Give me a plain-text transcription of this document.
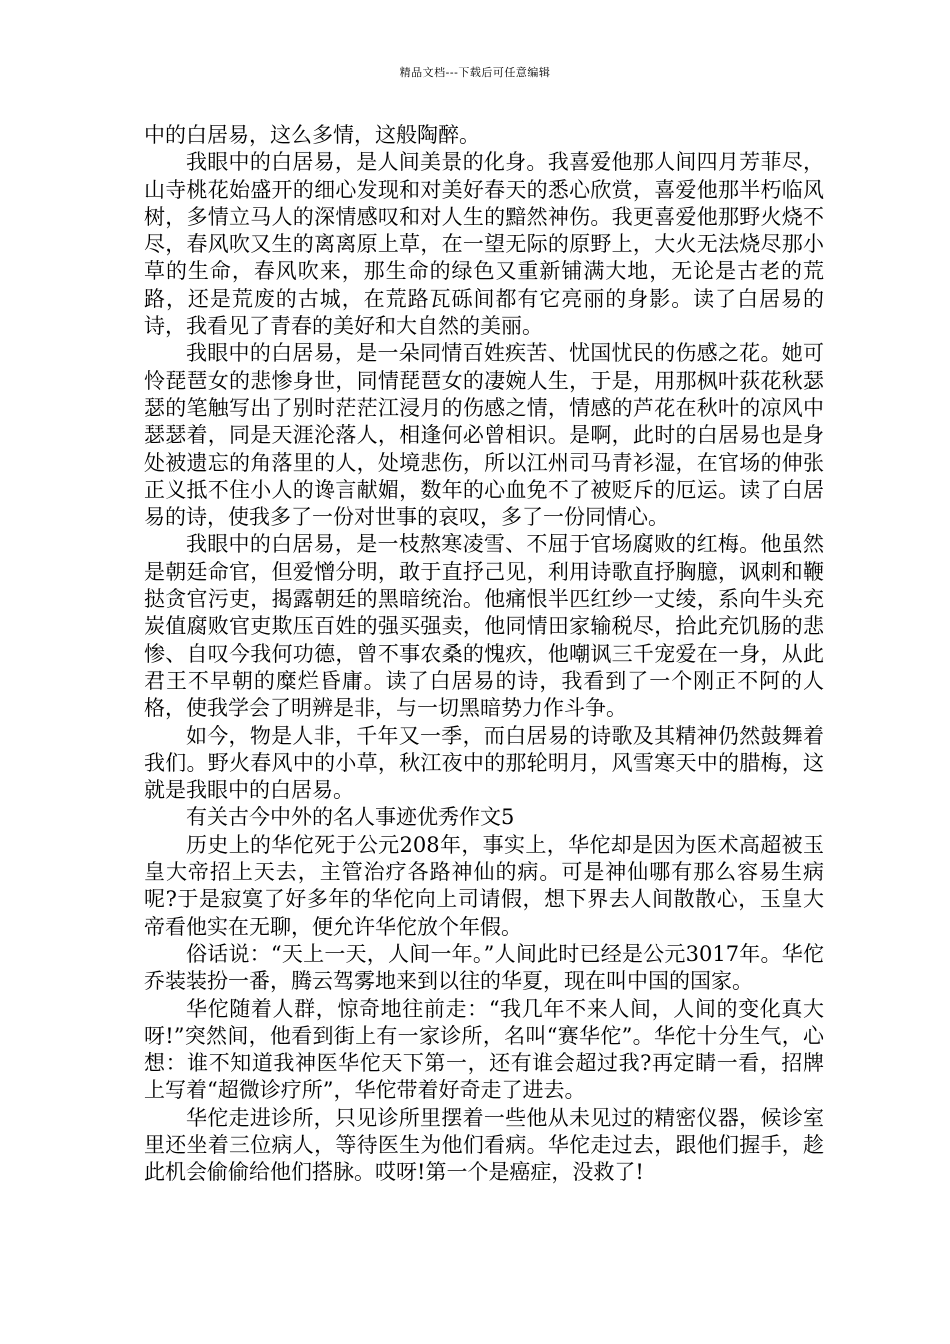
精品文档---下载后可任意编辑

中的白居易，这么多情，这般陶醉。

我眼中的白居易，是人间美景的化身。我喜爱他那人间四月芳菲尽，山寺桃花始盛开的细心发现和对美好春天的悉心欣赏，喜爱他那半朽临风树，多情立马人的深情感叹和对人生的黯然神伤。我更喜爱他那野火烧不尽，春风吹又生的离离原上草，在一望无际的原野上，大火无法烧尽那小草的生命，春风吹来，那生命的绿色又重新铺满大地，无论是古老的荒路，还是荒废的古城，在荒路瓦砾间都有它亮丽的身影。读了白居易的诗，我看见了青春的美好和大自然的美丽。

我眼中的白居易，是一朵同情百姓疾苦、忧国忧民的伤感之花。她可怜琵琶女的悲惨身世，同情琵琶女的凄婉人生，于是，用那枫叶荻花秋瑟瑟的笔触写出了别时茫茫江浸月的伤感之情，情感的芦花在秋叶的凉风中瑟瑟着，同是天涯沦落人，相逢何必曾相识。是啊，此时的白居易也是身处被遗忘的角落里的人，处境悲伤，所以江州司马青衫湿，在官场的伸张正义抵不住小人的谗言献媚，数年的心血免不了被贬斥的厄运。读了白居易的诗，使我多了一份对世事的哀叹，多了一份同情心。

我眼中的白居易，是一枝熬寒凌雪、不屈于官场腐败的红梅。他虽然是朝廷命官，但爱憎分明，敢于直抒己见，利用诗歌直抒胸臆，讽刺和鞭挞贪官污吏，揭露朝廷的黑暗统治。他痛恨半匹红纱一丈绫，系向牛头充炭值腐败官吏欺压百姓的强买强卖，他同情田家输税尽，拾此充饥肠的悲惨、自叹今我何功德，曾不事农桑的愧疚，他嘲讽三千宠爱在一身，从此君王不早朝的糜烂昏庸。读了白居易的诗，我看到了一个刚正不阿的人格，使我学会了明辨是非，与一切黑暗势力作斗争。

如今，物是人非，千年又一季，而白居易的诗歌及其精神仍然鼓舞着我们。野火春风中的小草，秋江夜中的那轮明月，风雪寒天中的腊梅，这就是我眼中的白居易。

有关古今中外的名人事迹优秀作文5

历史上的华佗死于公元208年，事实上，华佗却是因为医术高超被玉皇大帝招上天去，主管治疗各路神仙的病。可是神仙哪有那么容易生病呢?于是寂寞了好多年的华佗向上司请假，想下界去人间散散心，玉皇大帝看他实在无聊，便允许华佗放个年假。

俗话说：“天上一天，人间一年。”人间此时已经是公元3017年。华佗乔装装扮一番，腾云驾雾地来到以往的华夏，现在叫中国的国家。

华佗随着人群，惊奇地往前走：“我几年不来人间，人间的变化真大呀!”突然间，他看到街上有一家诊所，名叫“赛华佗”。华佗十分生气，心想：谁不知道我神医华佗天下第一，还有谁会超过我?再定睛一看，招牌上写着“超微诊疗所”，华佗带着好奇走了进去。

华佗走进诊所，只见诊所里摆着一些他从未见过的精密仪器，候诊室里还坐着三位病人，等待医生为他们看病。华佗走过去，跟他们握手，趁此机会偷偷给他们搭脉。哎呀!第一个是癌症，没救了!
